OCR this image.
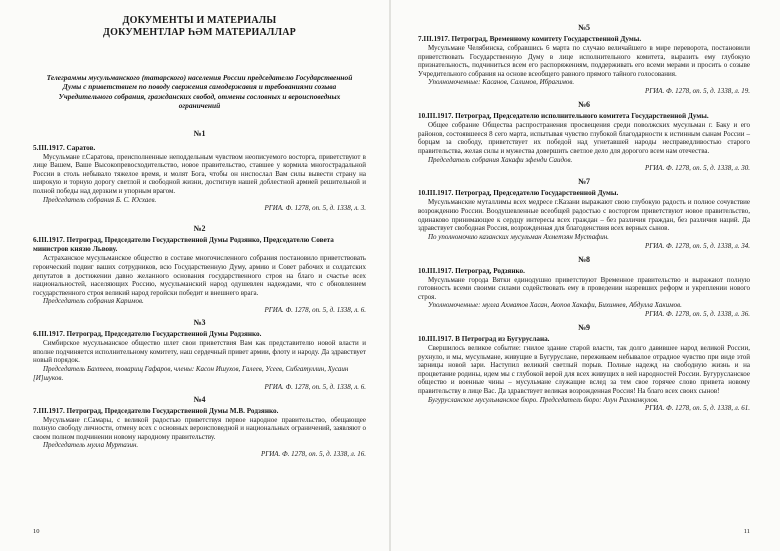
ДОКУМЕНТЫ И МАТЕРИАЛЫ
ДОКУМЕНТЛАР ҺӘМ МАТЕРИАЛЛАР
Телеграммы мусульманского (татарского) населения России председателю Государственной Думы с приветствием по поводу свержения самодержавия и требованиями созыва Учредительного собрания, гражданских свобод, отмены сословных и вероисповедных ограничений
№1
5.III.1917. Саратов.

Мусульмане г.Саратова, преисполненные неподдельным чувством неописуемого восторга, приветствуют в лице Вашем, Ваше Высокопревосходительство, новое правительство, ставшее у кормила многострадальной России в столь небывало тяжелое время, и молят Бога, чтобы он ниспослал Вам силы вывести страну на широкую и торную дорогу светлой и свободной жизни, достигнув нашей доблестной армией решительной и полной победы над дерзким и упорным врагом.

Председатель собрания Б. С. Юсхаев.
РГИА. Ф. 1278, оп. 5, д. 1338, л. 3.
№2
6.III.1917. Петроград, Председателю Государственной Думы Родзянко, Председателю Совета министров князю Львову.

Астраханское мусульманское общество в составе многочисленного собрания постановило приветствовать героический подвиг ваших сотрудников, всю Государственную Думу, армию и Совет рабочих и солдатских депутатов в достижении давно желанного основания государственного строя на благо и счастье всех национальностей, населяющих Россию, мусульманский народ одушевлен надеждами, что с обновлением государственного строя великий народ геройски победит и внешнего врага.

Председатель собрания Каримов.
РГИА. Ф. 1278, оп. 5, д. 1338, л. 6.
№3
6.III.1917. Петроград, Председателю Государственной Думы Родзянко.

Симбирское мусульманское общество шлет свои приветствия Вам как представителю новой власти и вполне подчиняется исполнительному комитету, наш сердечный привет армии, флоту и народу. Да здравствует новый порядок.

Председатель Бахтеев, товарищ Гафаров, члены: Касон Ишухов, Галеев, Усеев, Сибгатуллин, Хусаин [И]шуков.
РГИА. Ф. 1278, оп. 5, д. 1338, л. 6.
№4
7.III.1917. Петроград, Председателю Государственной Думы М.В. Родзянко.

Мусульмане г.Самары, с великой радостью приветствуя первое народное правительство, обещающее полную свободу личности, отмену всех с основных вероисповедной и национальных ограничений, заявляют о своем полном подчинении новому народному правительству.

Председатель мулла Муртазин.
РГИА. Ф. 1278, оп. 5, д. 1338, л. 16.
10
№5
7.III.1917. Петроград, Временному комитету Государственной Думы.

Мусульмане Челябинска, собравшись 6 марта по случаю величайшего в мире переворота, постановили приветствовать Государственную Думу в лице исполнительного комитета, выразить ему глубокую признательность, подчиниться всем его распоряжениям, поддерживать его всеми мерами и просить о созыве Учредительного собрания на основе всеобщего равного прямого тайного голосования.

Уполномоченные: Касанов, Салимов, Ибрагимов.
РГИА. Ф. 1278, оп. 5, д. 1338, л. 19.
№6
10.III.1917. Петроград, Председателю исполнительного комитета Государственной Думы.

Общее собрание Общества распространения просвещения среди поволжских мусульман г. Баку и его районов, состоявшееся 8 сего марта, испытывая чувство глубокой благодарности к истинным сынам России – борцам за свободу, приветствует их победой над угнетавшей народы несправедливостью старого правительства, желая силы и мужества довершить светлое дело для дорогого всем нам отечества.

Председатель собрания Хакафи эфенди Саидов.
РГИА. Ф. 1278, оп. 5, д. 1338, л. 30.
№7
10.III.1917. Петроград, Председателю Государственной Думы.

Мусульманские муталлимы всех медресе г.Казани выражают свою глубокую радость и полное сочувствие возрождению России. Воодушевленные всеобщей радостью с восторгом приветствуют новое правительство, одинаково принимающее к сердцу интересы всех граждан – без различия граждан, без различия наций. Да здравствует свободная Россия, возрожденная для благоденствия всех верных сынов.

По уполномочию казанских мусульман Ахметзян Мустафин.
РГИА. Ф. 1278, оп. 5, д. 1338, л. 34.
№8
10.III.1917. Петроград, Родзянко.

Мусульмане города Вятки единодушно приветствуют Временное правительство и выражают полную готовность всеми своими силами содействовать ему в проведении назревших реформ и укреплении нового строя.

Уполномоченные: мулла Ахматов Хасан, Аюпов Хакафи, Бихиннев, Абдулла Хакимов.
РГИА. Ф. 1278, оп. 5, д. 1338, л. 36.
№9
10.III.1917. В Петроград из Бугуруслана.

Свершилось великое событие: гнилое здание старой власти, так долго давившее народ великой России, рухнуло, и мы, мусульмане, живущие в Бугуруслане, переживаем небывалое отрадное чувство при виде этой зарницы новой зари. Наступил великий светлый порыв. Полные надежд на свободную жизнь и на процветание родины, идем мы с глубокой верой для всех живущих в ней народностей России. Бугурусланское общество и военные чины – мусульмане служащие вслед за тем свое горячее слово привета новому правительству в лице Вас. Да здравствует великая возрожденная Россия! На благо всех своих сынов!

Бугурусланское мусульманское бюро. Председатель бюро: Ахун Рахманкулов.
РГИА. Ф. 1278, оп. 5, д. 1338, л. 61.
11
